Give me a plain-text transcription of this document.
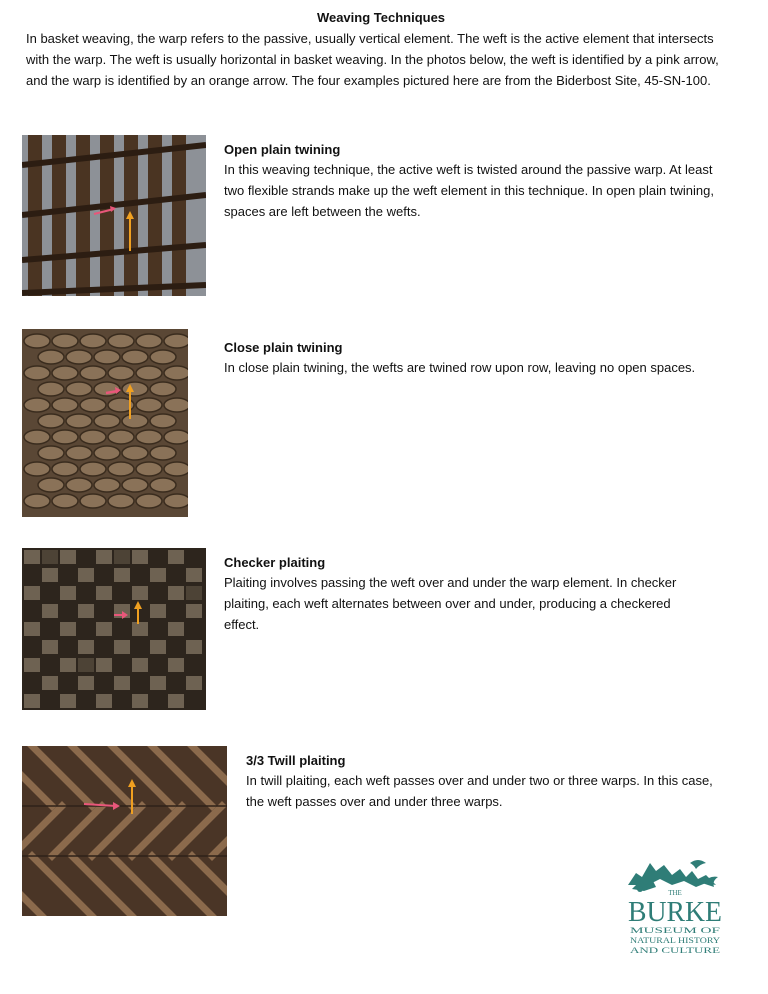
Weaving Techniques

In basket weaving, the warp refers to the passive, usually vertical element. The weft is the active element that intersects with the warp. The weft is usually horizontal in basket weaving. In the photos below, the weft is identified by a pink arrow, and the warp is identified by an orange arrow. The four examples pictured here are from the Biderbost Site, 45-SN-100.

Open plain twining

In this weaving technique, the active weft is twisted around the passive warp. At least two flexible strands make up the weft element in this technique. In open plain twining, spaces are left between the wefts.

Close plain twining

In close plain twining, the wefts are twined row upon row, leaving no open spaces.

Checker plaiting

Plaiting involves passing the weft over and under the warp element. In checker plaiting, each weft alternates between over and under, producing a checkered effect.

3/3 Twill plaiting

In twill plaiting, each weft passes over and under two or three warps. In this case, the weft passes over and under three warps.

THE
BURKE
MUSEUM OF
NATURAL HISTORY
AND CULTURE
